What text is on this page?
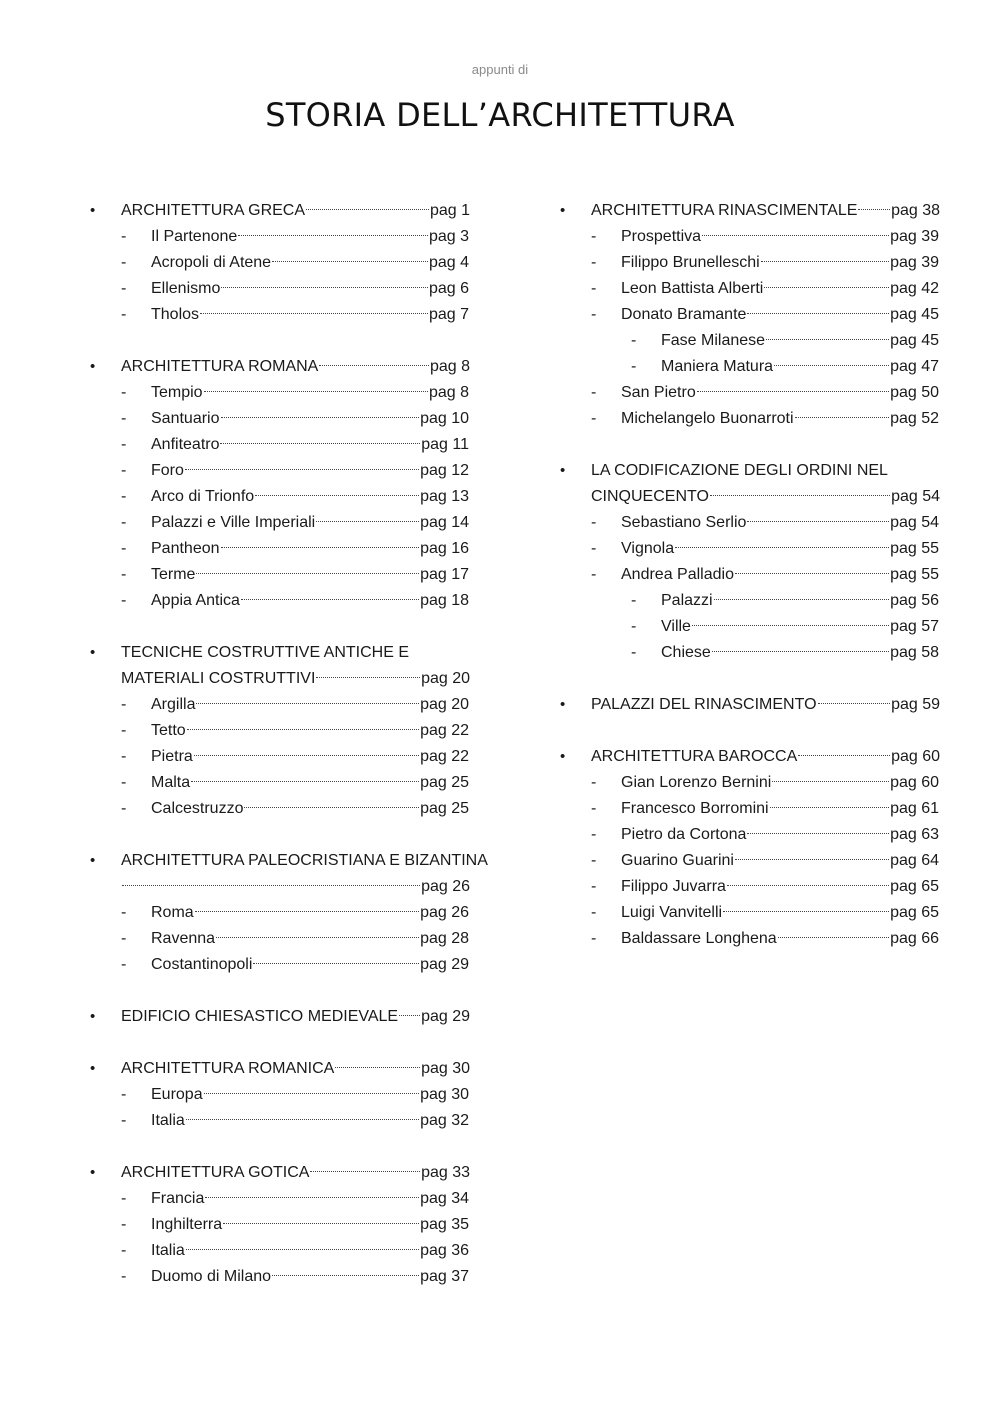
appunti di
STORIA DELL’ARCHITETTURA
• ARCHITETTURA GRECA	pag 1
- Il Partenone	pag 3
- Acropoli di Atene	pag 4
- Ellenismo	pag 6
- Tholos	pag 7
• ARCHITETTURA ROMANA	pag 8
- Tempio	pag 8
- Santuario	pag 10
- Anfiteatro	pag 11
- Foro	pag 12
- Arco di Trionfo	pag 13
- Palazzi e Ville Imperiali	pag 14
- Pantheon	pag 16
- Terme	pag 17
- Appia Antica	pag 18
• TECNICHE COSTRUTTIVE ANTICHE E
MATERIALI COSTRUTTIVI	pag 20
- Argilla	pag 20
- Tetto	pag 22
- Pietra	pag 22
- Malta	pag 25
- Calcestruzzo	pag 25
• ARCHITETTURA PALEOCRISTIANA E BIZANTINA
pag 26
- Roma	pag 26
- Ravenna	pag 28
- Costantinopoli	pag 29
• EDIFICIO CHIESASTICO MEDIEVALE pag 29
• ARCHITETTURA ROMANICA	pag 30
- Europa	pag 30
- Italia	pag 32
• ARCHITETTURA GOTICA	pag 33
- Francia	pag 34
- Inghilterra	pag 35
- Italia	pag 36
- Duomo di Milano	pag 37
• ARCHITETTURA RINASCIMENTALE pag 38
- Prospettiva	pag 39
- Filippo Brunelleschi	pag 39
- Leon Battista Alberti	pag 42
- Donato Bramante	pag 45
- Fase Milanese	pag 45
- Maniera Matura	pag 47
- San Pietro	pag 50
- Michelangelo Buonarroti	pag 52
• LA CODIFICAZIONE DEGLI ORDINI NEL
CINQUECENTO	pag 54
- Sebastiano Serlio	pag 54
- Vignola	pag 55
- Andrea Palladio	pag 55
- Palazzi	pag 56
- Ville	pag 57
- Chiese	pag 58
• PALAZZI DEL RINASCIMENTO	pag 59
• ARCHITETTURA BAROCCA	pag 60
- Gian Lorenzo Bernini	pag 60
- Francesco Borromini	pag 61
- Pietro da Cortona	pag 63
- Guarino Guarini	pag 64
- Filippo Juvarra	pag 65
- Luigi Vanvitelli	pag 65
- Baldassare Longhena	pag 66
